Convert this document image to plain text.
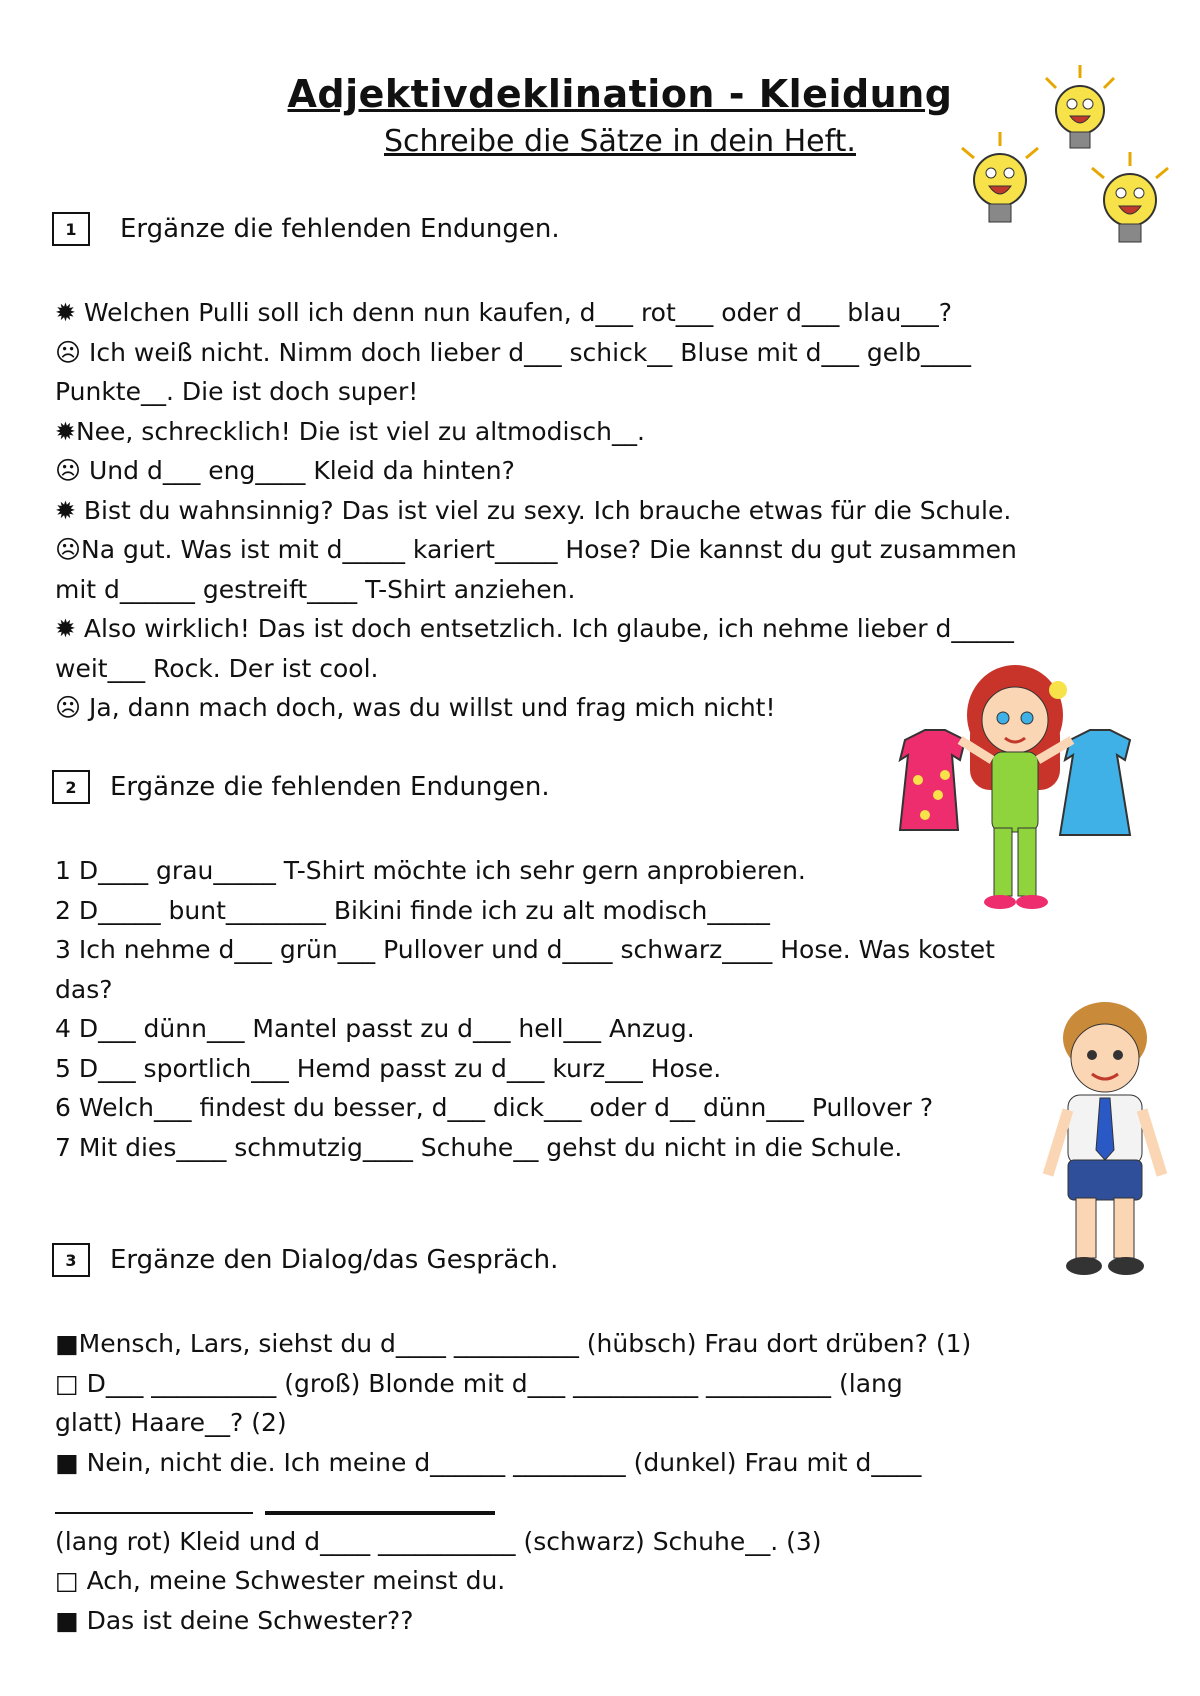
Adjektivdeklination - Kleidung
Schreibe die Sätze in dein Heft.
1	Ergänze die fehlenden Endungen.
✹ Welchen Pulli soll ich denn nun kaufen, d___ rot___ oder d___ blau___?
☹ Ich weiß nicht. Nimm doch lieber d___ schick__ Bluse mit d___ gelb____
Punkte__. Die ist doch super!
✹Nee, schrecklich! Die ist viel zu altmodisch__.
☹ Und d___ eng____ Kleid da hinten?
✹ Bist du wahnsinnig? Das ist viel zu sexy. Ich brauche etwas für die Schule.
☹Na gut. Was ist mit d_____ kariert_____ Hose? Die kannst du gut zusammen
mit d______ gestreift____ T-Shirt anziehen.
✹ Also wirklich! Das ist doch entsetzlich. Ich glaube, ich nehme lieber d_____
weit___ Rock. Der ist cool.
☹ Ja, dann mach doch, was du willst und frag mich nicht!
2	Ergänze die fehlenden Endungen.
1 D____ grau_____ T-Shirt möchte ich sehr gern anprobieren.
2 D_____ bunt________ Bikini finde ich zu alt modisch_____
3 Ich nehme d___ grün___ Pullover und d____ schwarz____ Hose. Was kostet
das?
4 D___ dünn___ Mantel passt zu d___ hell___ Anzug.
5 D___ sportlich___ Hemd passt zu d___ kurz___ Hose.
6 Welch___ findest du besser, d___ dick___ oder d__ dünn___ Pullover ?
7 Mit dies____ schmutzig____ Schuhe__ gehst du nicht in die Schule.
3	Ergänze den Dialog/das Gespräch.
■Mensch, Lars, siehst du d____ __________ (hübsch) Frau dort drüben? (1)
□ D___ __________ (groß) Blonde mit d___ __________ __________ (lang
glatt) Haare__? (2)
■ Nein, nicht die. Ich meine d______ _________ (dunkel) Frau mit d____
(lang rot) Kleid und d____ ___________ (schwarz) Schuhe__. (3)
□ Ach, meine Schwester meinst du.
■ Das ist deine Schwester??
